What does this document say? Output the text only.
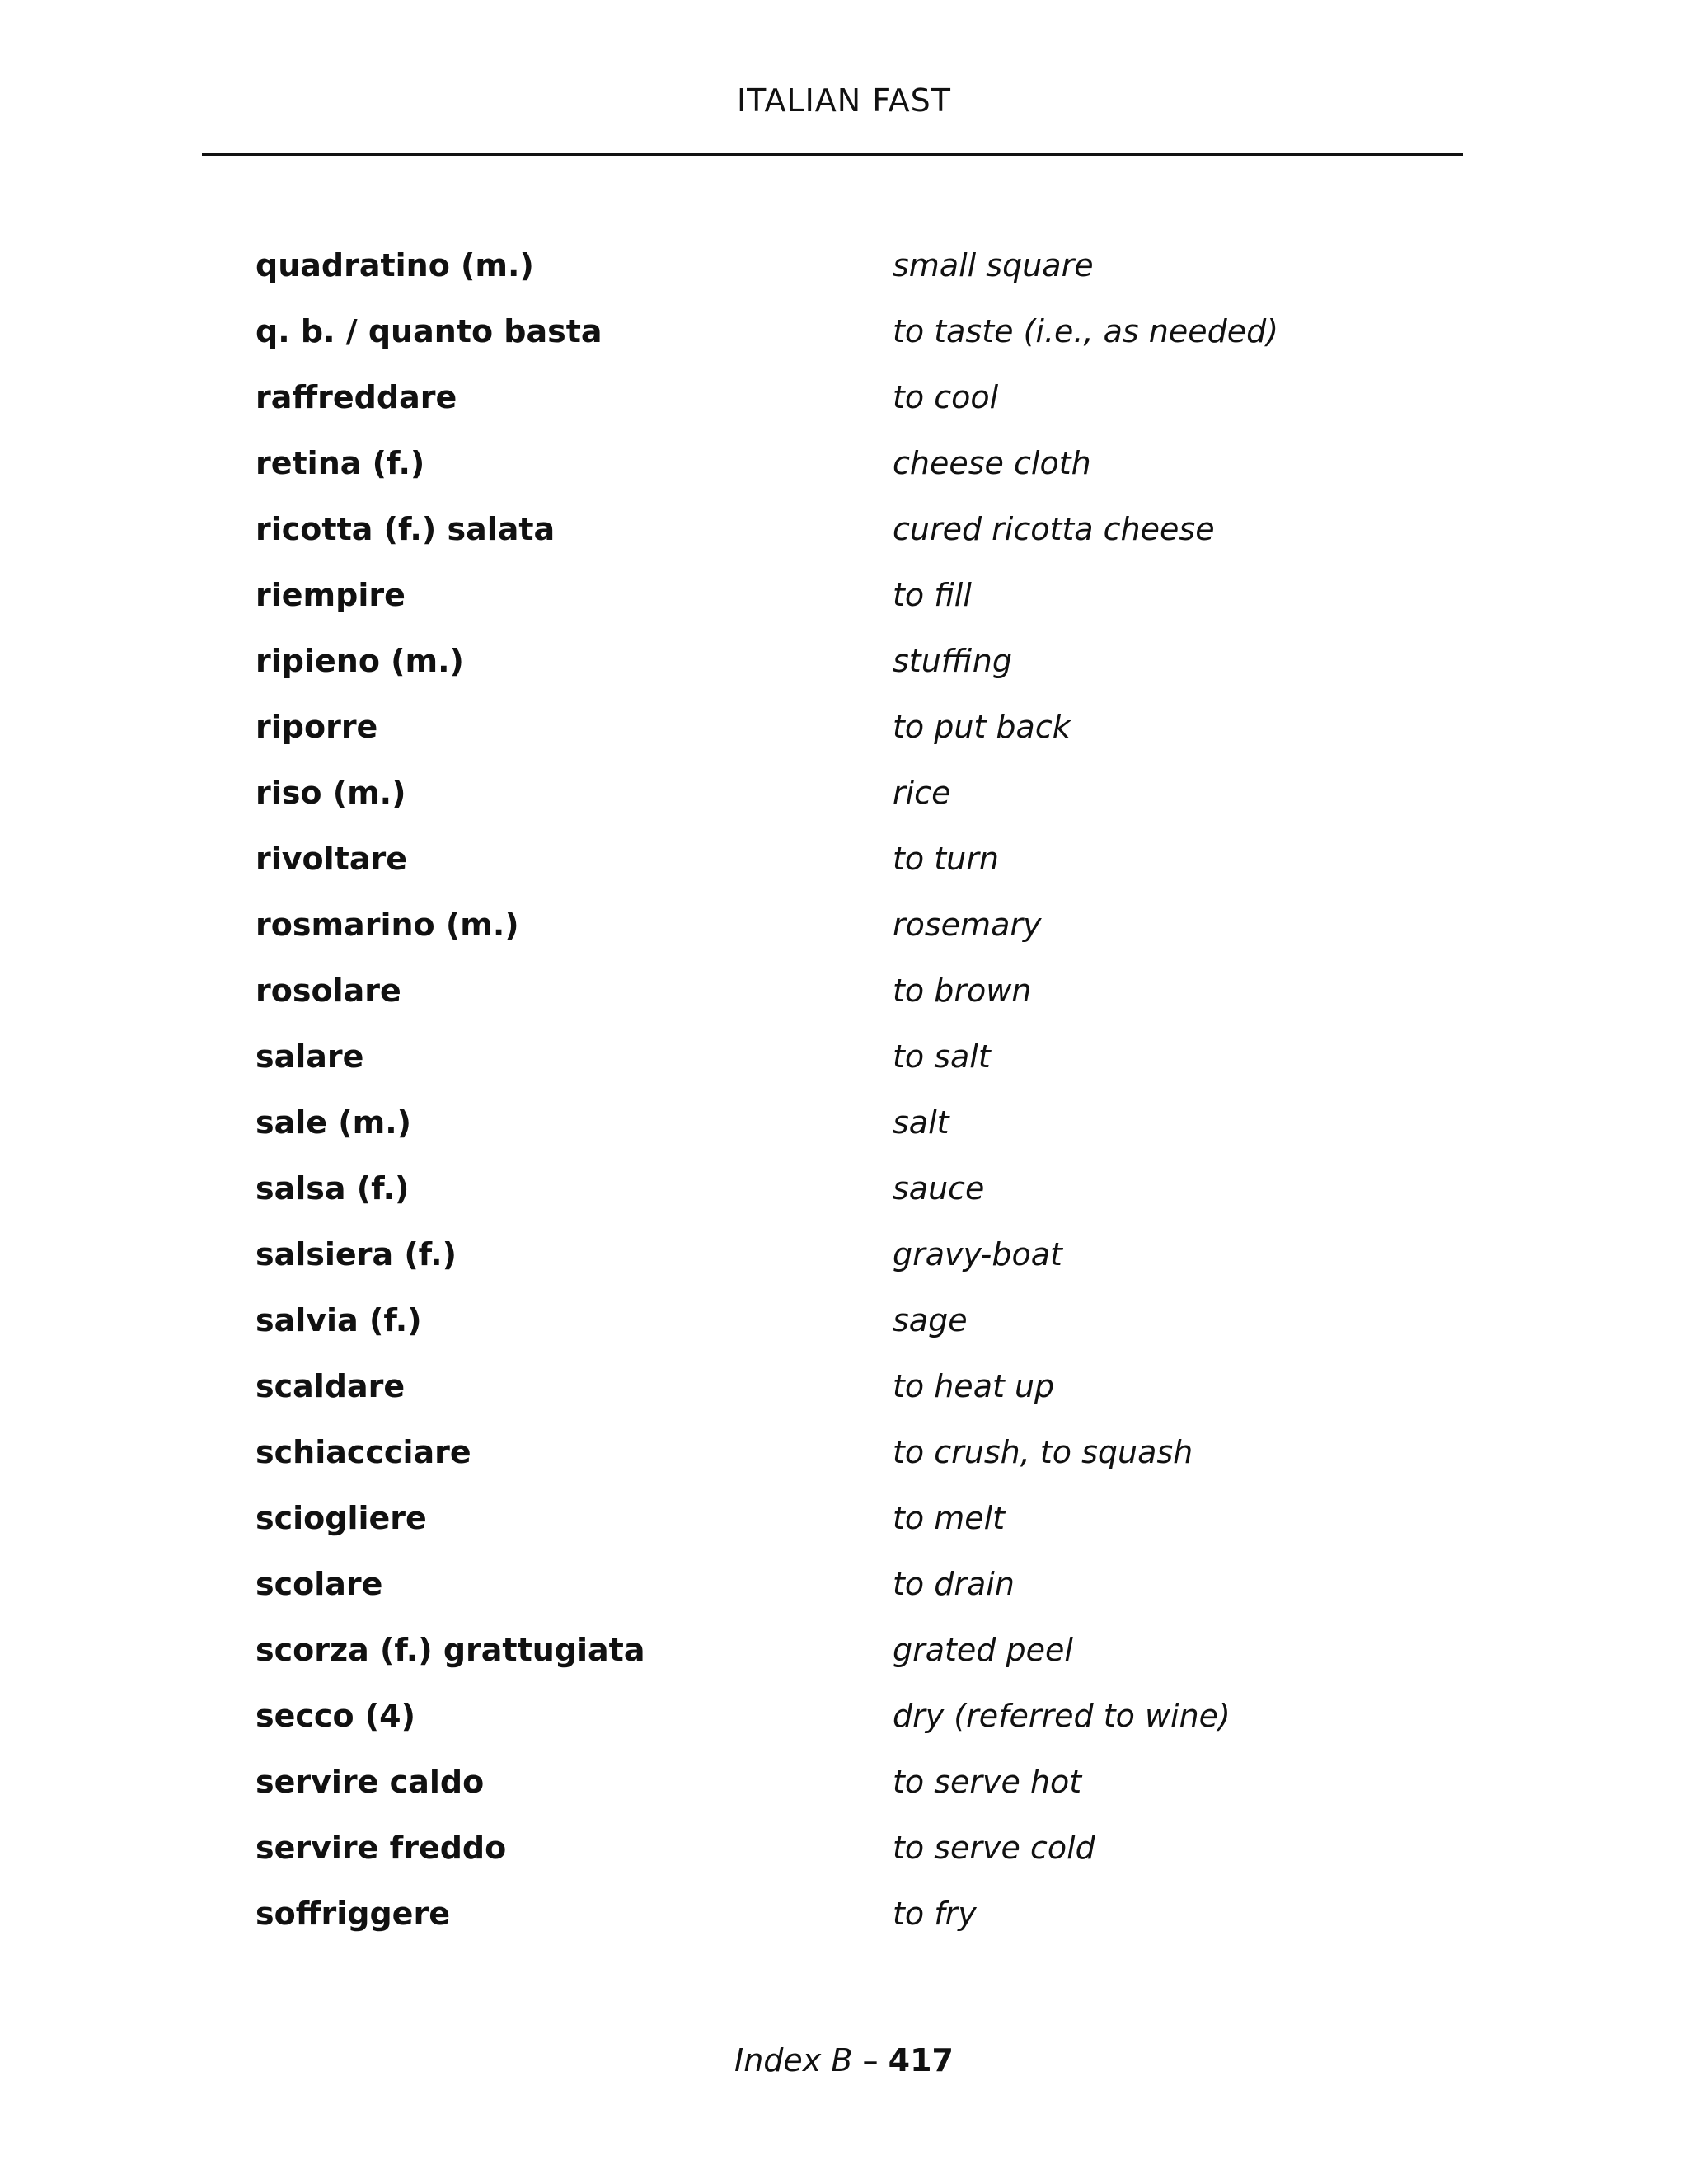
ITALIAN FAST
quadratino (m.)	small square
q. b. / quanto basta	to taste (i.e., as needed)
raffreddare	to cool
retina (f.)	cheese cloth
ricotta (f.) salata	cured ricotta cheese
riempire	to fill
ripieno (m.)	stuffing
riporre	to put back
riso (m.)	rice
rivoltare	to turn
rosmarino (m.)	rosemary
rosolare	to brown
salare	to salt
sale (m.)	salt
salsa (f.)	sauce
salsiera (f.)	gravy-boat
salvia (f.)	sage
scaldare	to heat up
schiaccciare	to crush, to squash
sciogliere	to melt
scolare	to drain
scorza (f.) grattugiata	grated peel
secco (4)	dry (referred to wine)
servire caldo	to serve hot
servire freddo	to serve cold
soffriggere	to fry
Index B – 417
